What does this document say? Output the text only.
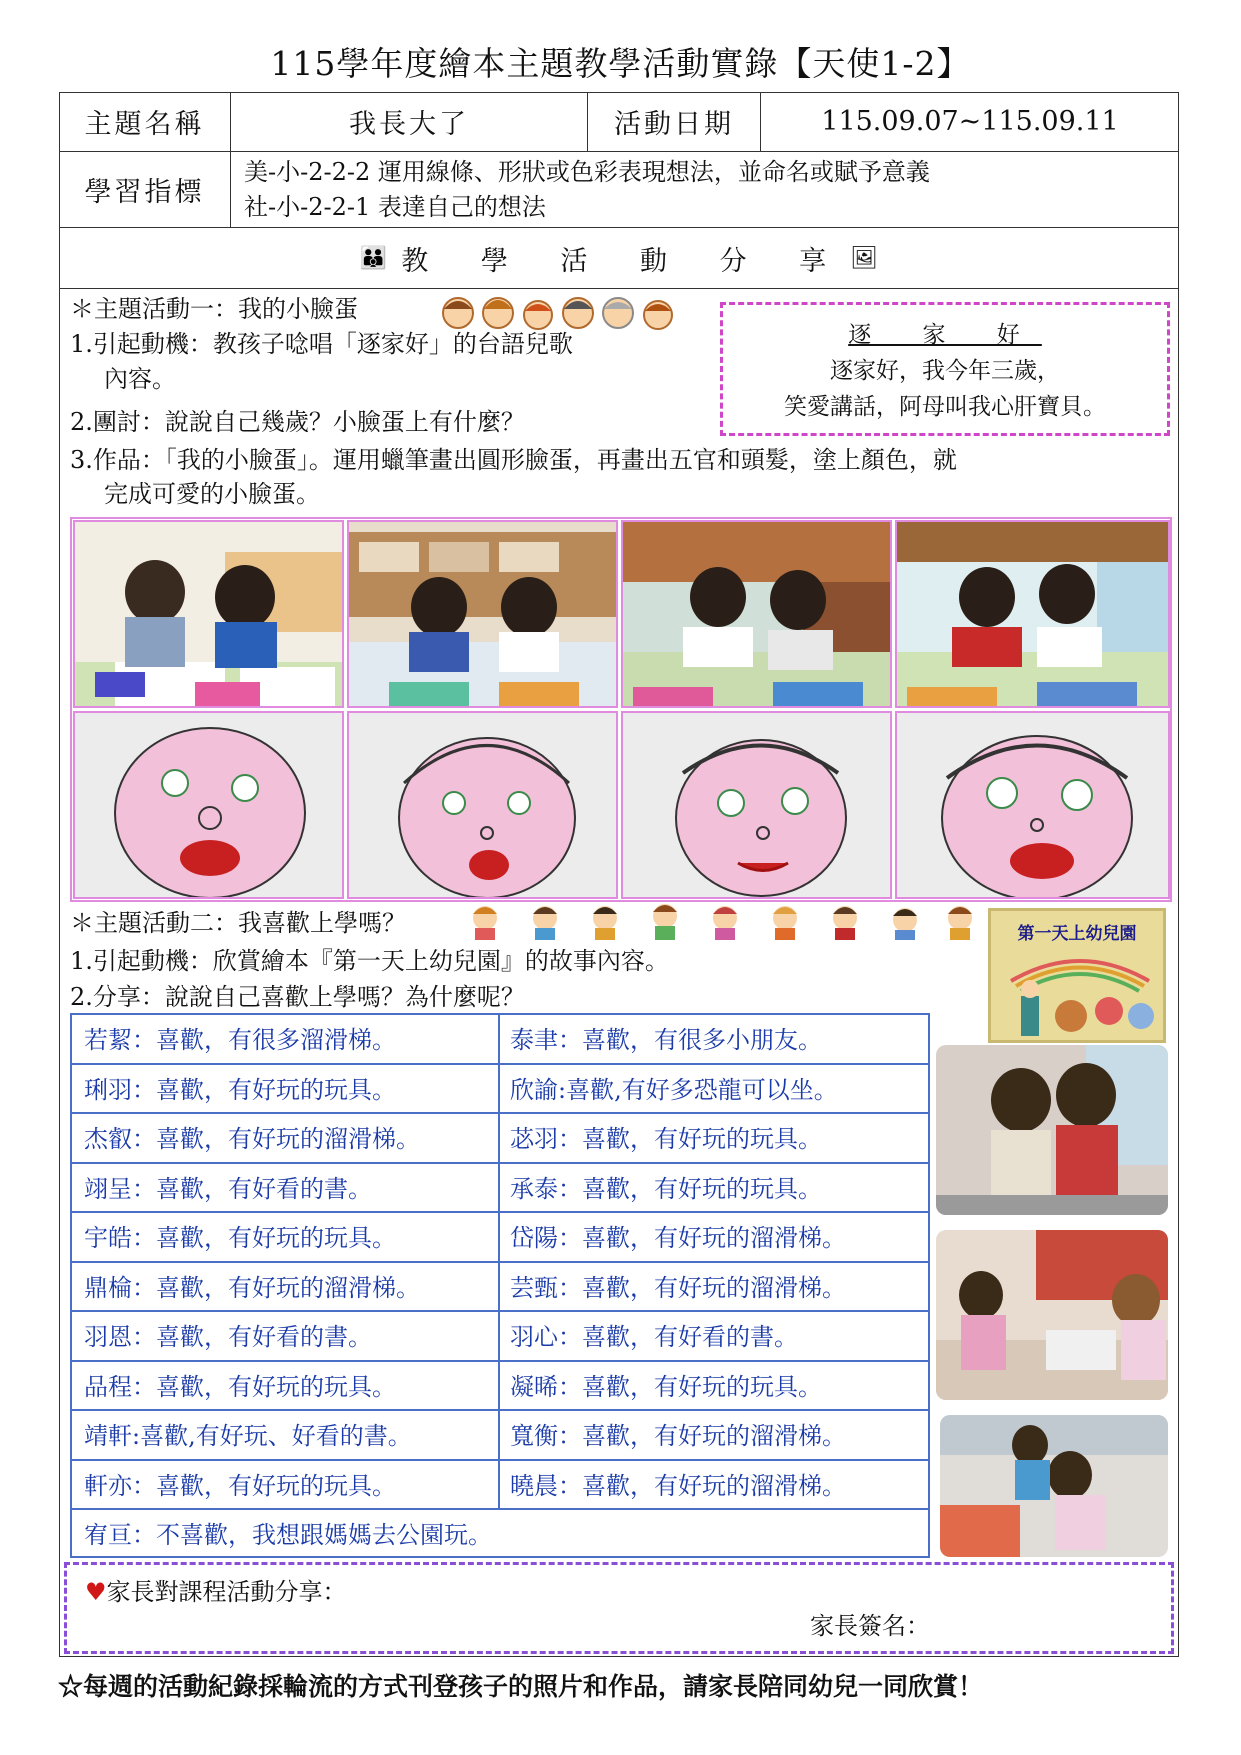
115學年度繪本主題教學活動實錄【天使1-2】
主題名稱	我長大了	活動日期	115.09.07~115.09.11
學習指標
美-小-2-2-2 運用線條、形狀或色彩表現想法，並命名或賦予意義
社-小-2-2-1 表達自己的想法
👪 教 學 活 動 分 享 🖼
＊主題活動一：我的小臉蛋
1.引起動機：教孩子唸唱「逐家好」的台語兒歌
內容。
2.團討：說說自己幾歲？小臉蛋上有什麼？
3.作品：「我的小臉蛋」。運用蠟筆畫出圓形臉蛋，再畫出五官和頭髮，塗上顏色，就
完成可愛的小臉蛋。
逐 家 好
逐家好，我今年三歲，
笑愛講話，阿母叫我心肝寶貝。
＊主題活動二：我喜歡上學嗎？
1.引起動機：欣賞繪本『第一天上幼兒園』的故事內容。
2.分享：說說自己喜歡上學嗎？為什麼呢？
第一天上幼兒園
若絜：喜歡，有很多溜滑梯。	泰聿：喜歡，有很多小朋友。
琍羽：喜歡，有好玩的玩具。	欣諭:喜歡,有好多恐龍可以坐。
杰叡：喜歡，有好玩的溜滑梯。	苾羽：喜歡，有好玩的玩具。
翊呈：喜歡，有好看的書。	承泰：喜歡，有好玩的玩具。
宇皓：喜歡，有好玩的玩具。	岱陽：喜歡，有好玩的溜滑梯。
鼎棆：喜歡，有好玩的溜滑梯。	芸甄：喜歡，有好玩的溜滑梯。
羽恩：喜歡，有好看的書。	羽心：喜歡，有好看的書。
品程：喜歡，有好玩的玩具。	凝晞：喜歡，有好玩的玩具。
靖軒:喜歡,有好玩、好看的書。	寬衡：喜歡，有好玩的溜滑梯。
軒亦：喜歡，有好玩的玩具。	曉晨：喜歡，有好玩的溜滑梯。
宥亘：不喜歡，我想跟媽媽去公園玩。
♥家長對課程活動分享：
家長簽名：
☆每週的活動紀錄採輪流的方式刊登孩子的照片和作品，請家長陪同幼兒一同欣賞！
